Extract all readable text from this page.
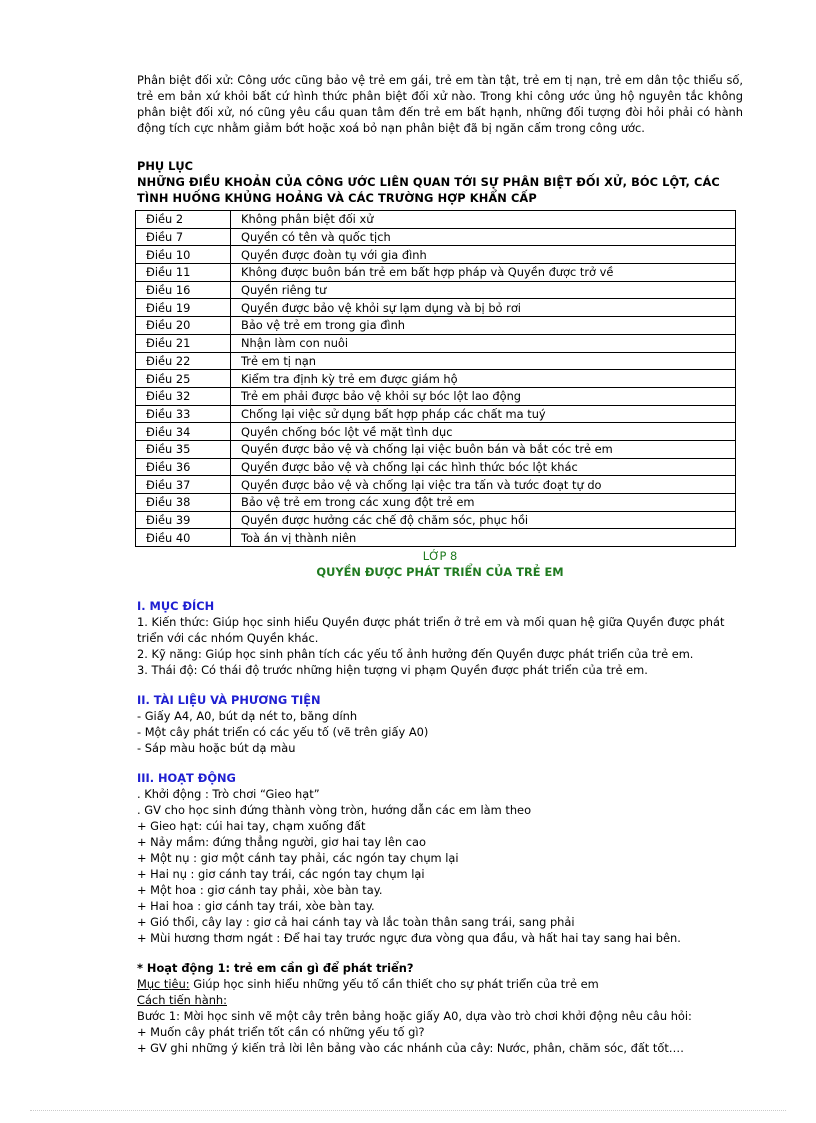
Phân biệt đối xử: Công ước cũng bảo vệ trẻ em gái, trẻ em tàn tật, trẻ em tị nạn, trẻ em dân tộc thiểu số, trẻ em bản xứ khỏi bất cứ hình thức phân biệt đối xử nào. Trong khi công ước ủng hộ nguyên tắc không phân biệt đối xử, nó cũng yêu cầu quan tâm đến trẻ em bất hạnh, những đối tượng đòi hỏi phải có hành động tích cực nhằm giảm bớt hoặc xoá bỏ nạn phân biệt đã bị ngăn cấm trong công ước.

PHỤ LỤC

NHỮNG ĐIỀU KHOẢN CỦA CÔNG ƯỚC LIÊN QUAN TỚI SỰ PHÂN BIỆT ĐỐI XỬ, BÓC LỘT, CÁC TÌNH HUỐNG KHỦNG HOẢNG VÀ CÁC TRƯỜNG HỢP KHẨN CẤP

Điều 2	Không phân biệt đối xử
Điều 7	Quyền có tên và quốc tịch
Điều 10	Quyền được đoàn tụ với gia đình
Điều 11	Không được buôn bán trẻ em bất hợp pháp và Quyền được trở về
Điều 16	Quyền riêng tư
Điều 19	Quyền được bảo vệ khỏi sự lạm dụng và bị bỏ rơi
Điều 20	Bảo vệ trẻ em trong gia đình
Điều 21	Nhận làm con nuôi
Điều 22	Trẻ em tị nạn
Điều 25	Kiểm tra định kỳ trẻ em được giám hộ
Điều 32	Trẻ em phải được bảo vệ khỏi sự bóc lột lao động
Điều 33	Chống lại việc sử dụng bất hợp pháp các chất ma tuý
Điều 34	Quyền chống bóc lột về mặt tình dục
Điều 35	Quyền được bảo vệ và chống lại việc buôn bán và bắt cóc trẻ em
Điều 36	Quyền được bảo vệ và chống lại các hình thức bóc lột khác
Điều 37	Quyền được bảo vệ và chống lại việc tra tấn và tước đoạt tự do
Điều 38	Bảo vệ trẻ em trong các xung đột trẻ em
Điều 39	Quyền được hưởng các chế độ chăm sóc, phục hồi
Điều 40	Toà án vị thành niên

LỚP 8

QUYỀN ĐƯỢC PHÁT TRIỂN CỦA TRẺ EM

I. MỤC ĐÍCH

1. Kiến thức: Giúp học sinh hiểu Quyền được phát triển ở trẻ em và mối quan hệ giữa Quyền được phát triển với các nhóm Quyền khác.

2. Kỹ năng: Giúp học sinh phân tích các yếu tố ảnh hưởng đến Quyền được phát triển của trẻ em.

3. Thái độ: Có thái độ trước những hiện tượng vi phạm Quyền được phát triển của trẻ em.

II. TÀI LIỆU VÀ PHƯƠNG TIỆN

- Giấy A4, A0, bút dạ nét to, băng dính

- Một cây phát triển có các yếu tố (vẽ trên giấy A0)

- Sáp màu hoặc bút dạ màu

III. HOẠT ĐỘNG

. Khởi động : Trò chơi “Gieo hạt”

. GV cho học sinh đứng thành vòng tròn, hướng dẫn các em làm theo

+ Gieo hạt: cúi hai tay, chạm xuống đất

+ Nảy mầm: đứng thẳng người, giơ hai tay lên cao

+ Một nụ : giơ một cánh tay phải, các ngón tay chụm lại

+ Hai nụ : giơ cánh tay trái, các ngón tay chụm lại

+ Một hoa : giơ cánh tay phải, xòe bàn tay.

+ Hai hoa : giơ cánh tay trái, xòe bàn tay.

+ Gió thổi, cây lay : giơ cả hai cánh tay và lắc toàn thân sang trái, sang phải

+ Mùi hương thơm ngát : Để hai tay trước ngực đưa vòng qua đầu, và hất hai tay sang hai bên.

* Hoạt động 1: trẻ em cần gì để phát triển?

Mục tiêu: Giúp học sinh hiểu những yếu tố cần thiết cho sự phát triển của trẻ em

Cách tiến hành:

Bước 1: Mời học sinh vẽ một cây trên bảng hoặc giấy A0, dựa vào trò chơi khởi động nêu câu hỏi:

+ Muốn cây phát triển tốt cần có những yếu tố gì?

+ GV ghi những ý kiến trả lời lên bảng vào các nhánh của cây: Nước, phân, chăm sóc, đất tốt….
